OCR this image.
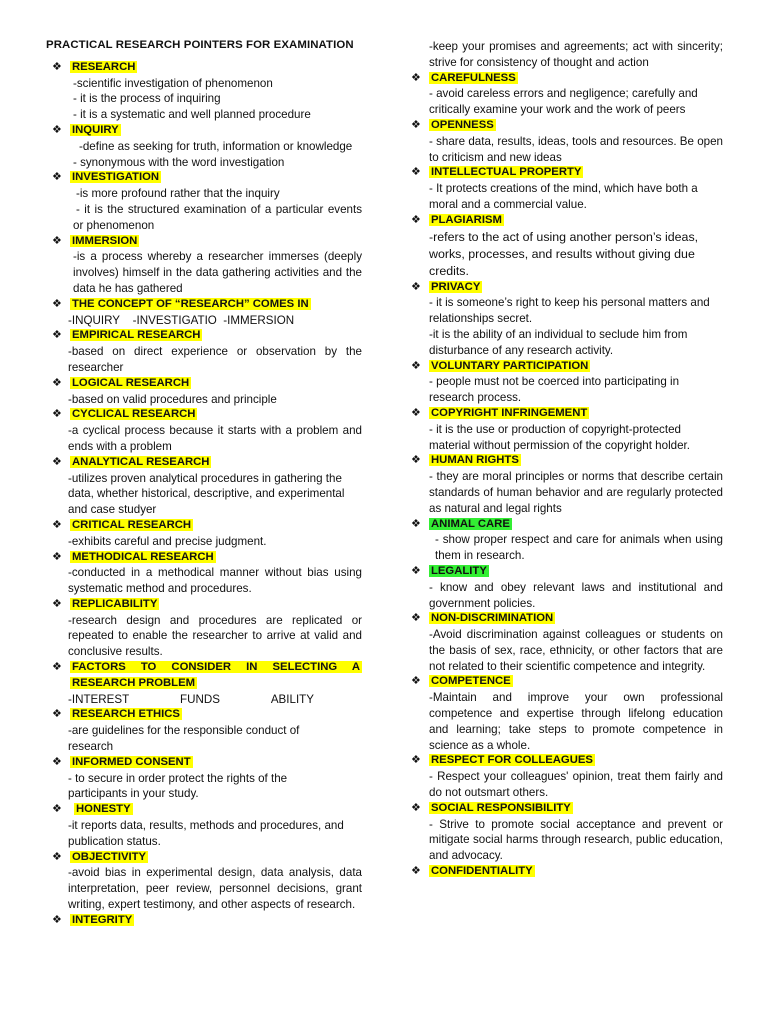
PRACTICAL RESEARCH POINTERS FOR EXAMINATION
❖ RESEARCH
-scientific investigation of phenomenon
- it is the process of inquiring
- it is a systematic and well planned procedure
❖ INQUIRY
-define as seeking for truth, information or knowledge
- synonymous with the word investigation
❖ INVESTIGATION
-is more profound rather that the inquiry
- it is the structured examination of a particular events or phenomenon
❖ IMMERSION
-is a process whereby a researcher immerses (deeply involves) himself in the data gathering activities and the data he has gathered
❖ THE CONCEPT OF “RESEARCH” COMES IN
-INQUIRY    -INVESTIGATIO  -IMMERSION
❖ EMPIRICAL RESEARCH
-based on direct experience or observation by the researcher
❖ LOGICAL RESEARCH
-based on valid procedures and principle
❖ CYCLICAL RESEARCH
-a cyclical process because it starts with a problem and ends with a problem
❖ ANALYTICAL RESEARCH
-utilizes proven analytical procedures in gathering the data, whether historical, descriptive, and experimental and case studyer
❖ CRITICAL RESEARCH
-exhibits careful and precise judgment.
❖ METHODICAL RESEARCH
-conducted in a methodical manner without bias using systematic method and procedures.
❖ REPLICABILITY
-research design and procedures are replicated or repeated to enable the researcher to arrive at valid and conclusive results.
❖ FACTORS TO CONSIDER IN SELECTING A RESEARCH PROBLEM
-INTEREST	FUNDS	ABILITY
❖ RESEARCH ETHICS
-are guidelines for the responsible conduct of research
❖ INFORMED CONSENT
- to secure in order protect the rights of the participants in your study.
❖	HONESTY
-it reports data, results, methods and procedures, and publication status.
❖ OBJECTIVITY
-avoid bias in experimental design, data analysis, data interpretation, peer review, personnel decisions, grant writing, expert testimony, and other aspects of research.
❖ INTEGRITY
-keep your promises and agreements; act with sincerity; strive for consistency of thought and action
❖ CAREFULNESS
- avoid careless errors and negligence; carefully and critically examine your work and the work of peers
❖ OPENNESS
- share data, results, ideas, tools and resources. Be open to criticism and new ideas
❖ INTELLECTUAL PROPERTY
- It protects creations of the mind, which have both a moral and a commercial value.
❖ PLAGIARISM
-refers to the act of using another person’s ideas, works, processes, and results without giving due credits.
❖ PRIVACY
- it is someone’s right to keep his personal matters and relationships secret.
-it is the ability of an individual to seclude him from disturbance of any research activity.
❖ VOLUNTARY PARTICIPATION
- people must not be coerced into participating in research process.
❖ COPYRIGHT INFRINGEMENT
- it is the use or production of copyright-protected material without permission of the copyright holder.
❖ HUMAN RIGHTS
- they are moral principles or norms that describe certain standards of human behavior and are regularly protected as natural and legal rights
❖ ANIMAL CARE
- show proper respect and care for animals when using them in research.
❖ LEGALITY
- know and obey relevant laws and institutional and government policies.
❖ NON-DISCRIMINATION
-Avoid discrimination against colleagues or students on the basis of sex, race, ethnicity, or other factors that are not related to their scientific competence and integrity.
❖ COMPETENCE
-Maintain and improve your own professional competence and expertise through lifelong education and learning; take steps to promote competence in science as a whole.
❖ RESPECT FOR COLLEAGUES
- Respect your colleagues' opinion, treat them fairly and do not outsmart others.
❖ SOCIAL RESPONSIBILITY
- Strive to promote social acceptance and prevent or mitigate social harms through research, public education, and advocacy.
❖ CONFIDENTIALITY
